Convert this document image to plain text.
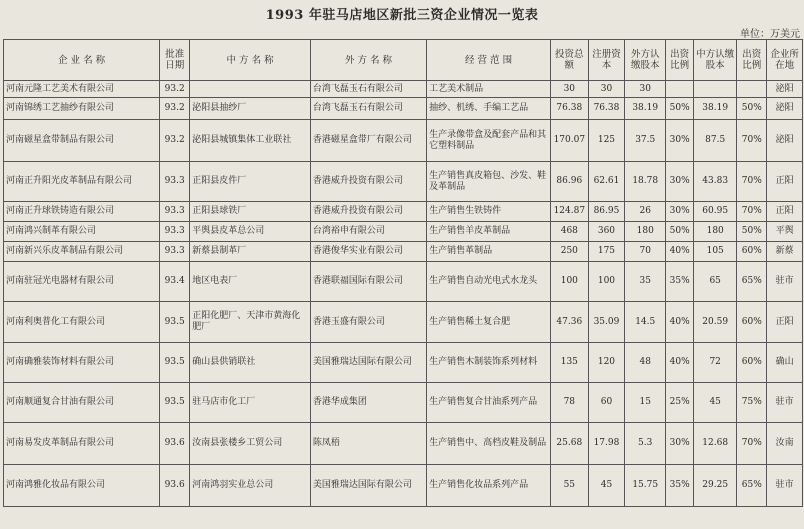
1993 年驻马店地区新批三资企业情况一览表
单位：万美元
企 业 名 称	批准日期	中 方 名 称	外 方 名 称	经 营 范 围	投资总额	注册资本	外方认缴股本	出资比例	中方认缴股本	出资比例	企业所在地
河南元隆工艺美术有限公司	93.2		台湾飞磊玉石有限公司	工艺美术制品	30	30	30				泌阳
河南锦绣工艺抽纱有限公司	93.2	泌阳县抽纱厂	台湾飞磊玉石有限公司	抽纱、机绣、手编工艺品	76.38	76.38	38.19	50%	38.19	50%	泌阳
河南磁星盒带制品有限公司	93.2	泌阳县城镇集体工业联社	香港磁星盒带厂有限公司	生产录像带盒及配套产品和其它塑料制品	170.07	125	37.5	30%	87.5	70%	泌阳
河南正升阳光皮革制品有限公司	93.3	正阳县皮件厂	香港威升投资有限公司	生产销售真皮箱包、沙发、鞋及革制品	86.96	62.61	18.78	30%	43.83	70%	正阳
河南正升球铁铸造有限公司	93.3	正阳县球铁厂	香港威升投资有限公司	生产销售生铁铸件	124.87	86.95	26	30%	60.95	70%	正阳
河南鸿兴制革有限公司	93.3	平舆县皮革总公司	台湾裕申有限公司	生产销售羊皮革制品	468	360	180	50%	180	50%	平舆
河南新兴乐皮革制品有限公司	93.3	新蔡县制革厂	香港俊华实业有限公司	生产销售革制品	250	175	70	40%	105	60%	新蔡
河南驻冠光电器材有限公司	93.4	地区电表厂	香港联福国际有限公司	生产销售自动光电式水龙头	100	100	35	35%	65	65%	驻市
河南利奥普化工有限公司	93.5	正阳化肥厂、天津市黄海化肥厂	香港玉盛有限公司	生产销售稀土复合肥	47.36	35.09	14.5	40%	20.59	60%	正阳
河南确雅装饰材料有限公司	93.5	确山县供销联社	美国雅瑞达国际有限公司	生产销售木制装饰系列材料	135	120	48	40%	72	60%	确山
河南顺通复合甘油有限公司	93.5	驻马店市化工厂	香港华成集团	生产销售复合甘油系列产品	78	60	15	25%	45	75%	驻市
河南易发皮革制品有限公司	93.6	汝南县张楼乡工贸公司	陈凤梧	生产销售中、高档皮鞋及制品	25.68	17.98	5.3	30%	12.68	70%	汝南
河南鸿雅化妆品有限公司	93.6	河南鸿羽实业总公司	美国雅瑞达国际有限公司	生产销售化妆品系列产品	55	45	15.75	35%	29.25	65%	驻市
